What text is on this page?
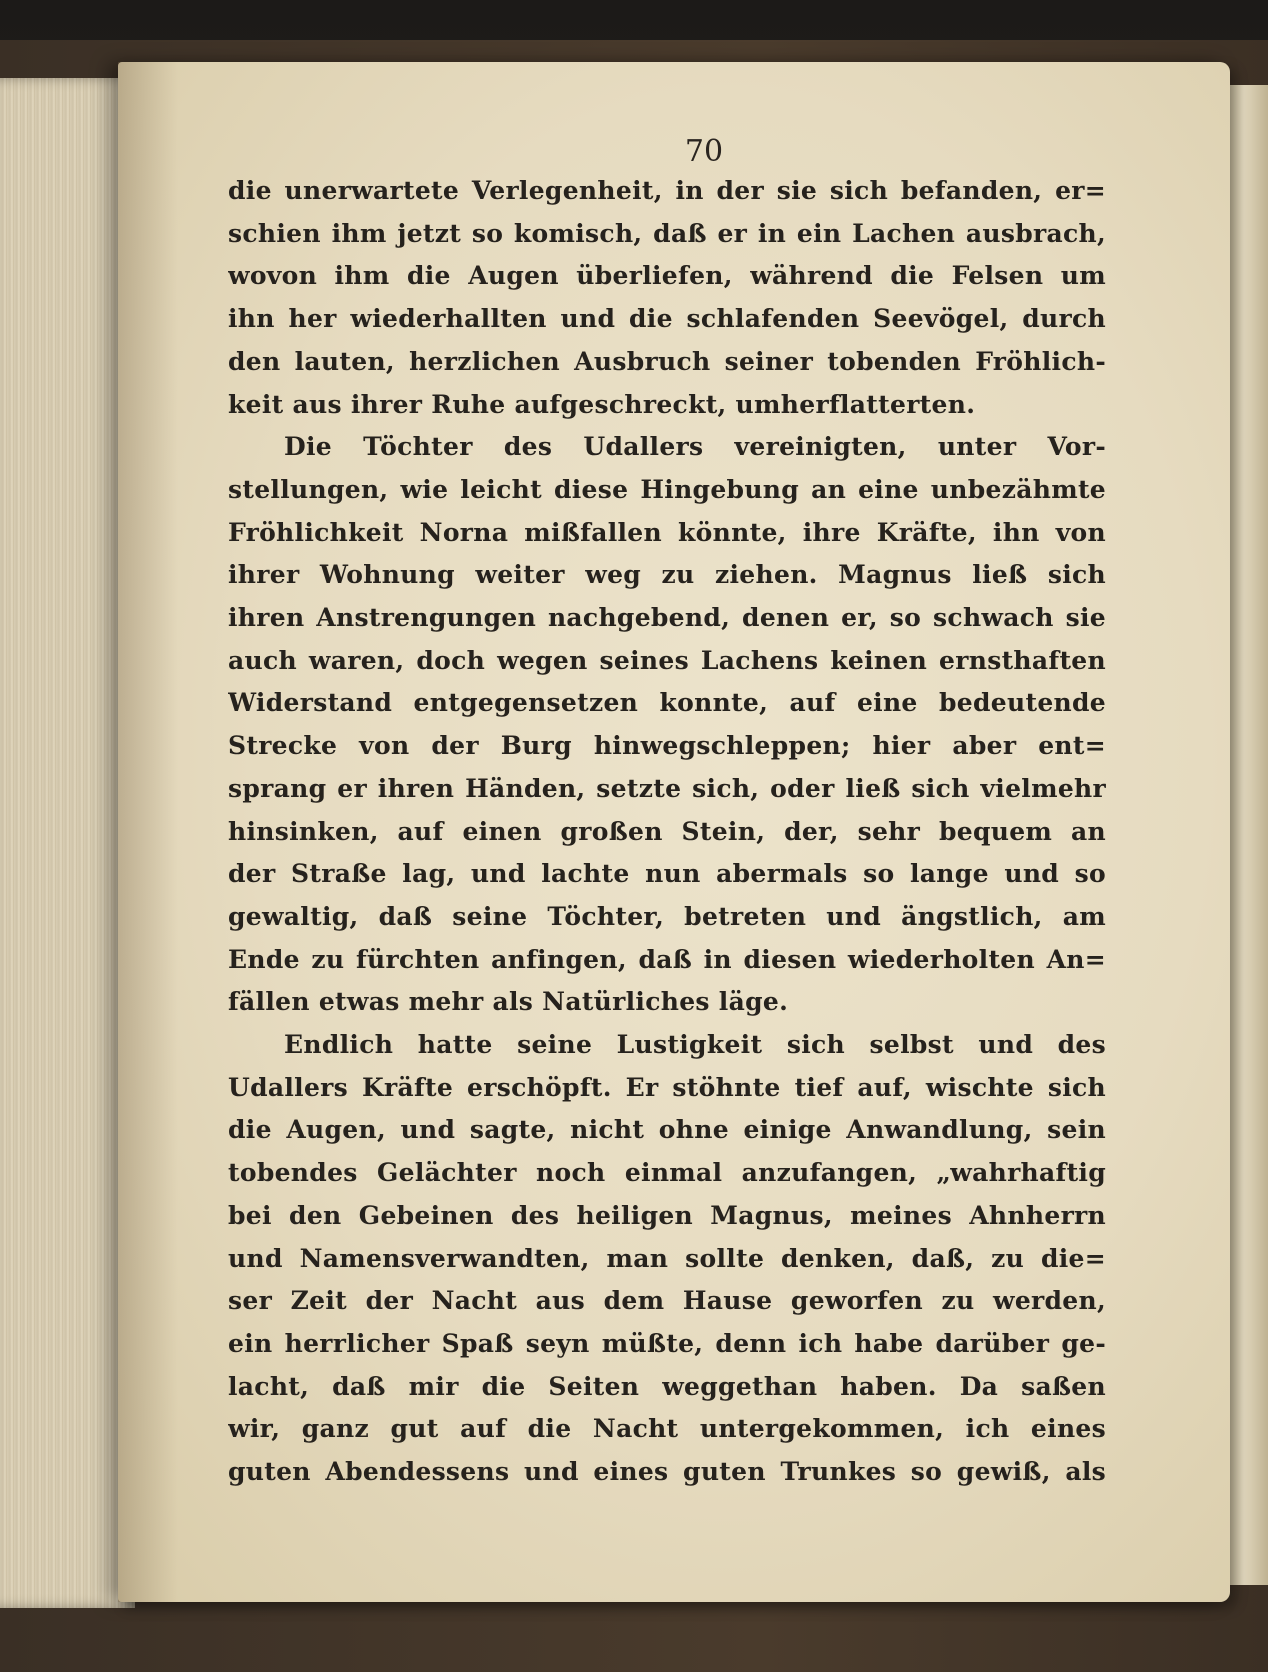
70
die unerwartete Verlegenheit, in der sie sich befanden, er=
schien ihm jetzt so komisch, daß er in ein Lachen ausbrach,
wovon ihm die Augen überliefen, während die Felsen um
ihn her wiederhallten und die schlafenden Seevögel, durch
den lauten, herzlichen Ausbruch seiner tobenden Fröhlich-
keit aus ihrer Ruhe aufgeschreckt, umherflatterten.
Die Töchter des Udallers vereinigten, unter Vor-
stellungen, wie leicht diese Hingebung an eine unbezähmte
Fröhlichkeit Norna mißfallen könnte, ihre Kräfte, ihn von
ihrer Wohnung weiter weg zu ziehen. Magnus ließ sich
ihren Anstrengungen nachgebend, denen er, so schwach sie
auch waren, doch wegen seines Lachens keinen ernsthaften
Widerstand entgegensetzen konnte, auf eine bedeutende
Strecke von der Burg hinwegschleppen; hier aber ent=
sprang er ihren Händen, setzte sich, oder ließ sich vielmehr
hinsinken, auf einen großen Stein, der, sehr bequem an
der Straße lag, und lachte nun abermals so lange und so
gewaltig, daß seine Töchter, betreten und ängstlich, am
Ende zu fürchten anfingen, daß in diesen wiederholten An=
fällen etwas mehr als Natürliches läge.
Endlich hatte seine Lustigkeit sich selbst und des
Udallers Kräfte erschöpft. Er stöhnte tief auf, wischte sich
die Augen, und sagte, nicht ohne einige Anwandlung, sein
tobendes Gelächter noch einmal anzufangen, „wahrhaftig
bei den Gebeinen des heiligen Magnus, meines Ahnherrn
und Namensverwandten, man sollte denken, daß, zu die=
ser Zeit der Nacht aus dem Hause geworfen zu werden,
ein herrlicher Spaß seyn müßte, denn ich habe darüber ge-
lacht, daß mir die Seiten weggethan haben. Da saßen
wir, ganz gut auf die Nacht untergekommen, ich eines
guten Abendessens und eines guten Trunkes so gewiß, als
